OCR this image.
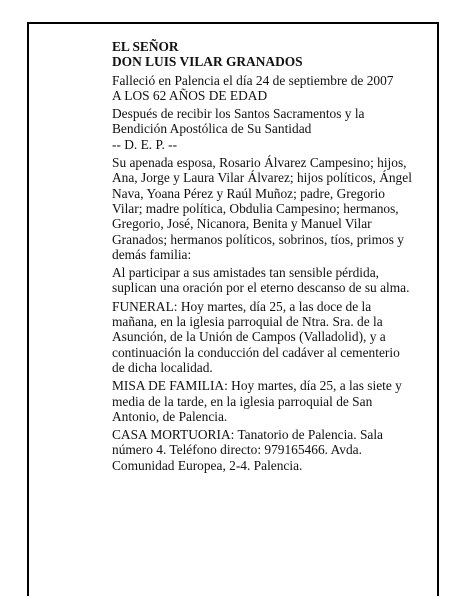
EL SEÑOR
DON LUIS VILAR GRANADOS
Falleció en Palencia el día 24 de septiembre de 2007
A LOS 62 AÑOS DE EDAD
Después de recibir los Santos Sacramentos y la
Bendición Apostólica de Su Santidad
-- D. E. P. --
Su apenada esposa, Rosario Álvarez Campesino; hijos,
Ana, Jorge y Laura Vilar Álvarez; hijos políticos, Ángel
Nava, Yoana Pérez y Raúl Muñoz; padre, Gregorio
Vilar; madre política, Obdulia Campesino; hermanos,
Gregorio, José, Nicanora, Benita y Manuel Vilar
Granados; hermanos políticos, sobrinos, tíos, primos y
demás familia:
Al participar a sus amistades tan sensible pérdida,
suplican una oración por el eterno descanso de su alma.
FUNERAL: Hoy martes, día 25, a las doce de la
mañana, en la iglesia parroquial de Ntra. Sra. de la
Asunción, de la Unión de Campos (Valladolid), y a
continuación la conducción del cadáver al cementerio
de dicha localidad.
MISA DE FAMILIA: Hoy martes, día 25, a las siete y
media de la tarde, en la iglesia parroquial de San
Antonio, de Palencia.
CASA MORTUORIA: Tanatorio de Palencia. Sala
número 4. Teléfono directo: 979165466. Avda.
Comunidad Europea, 2-4. Palencia.
